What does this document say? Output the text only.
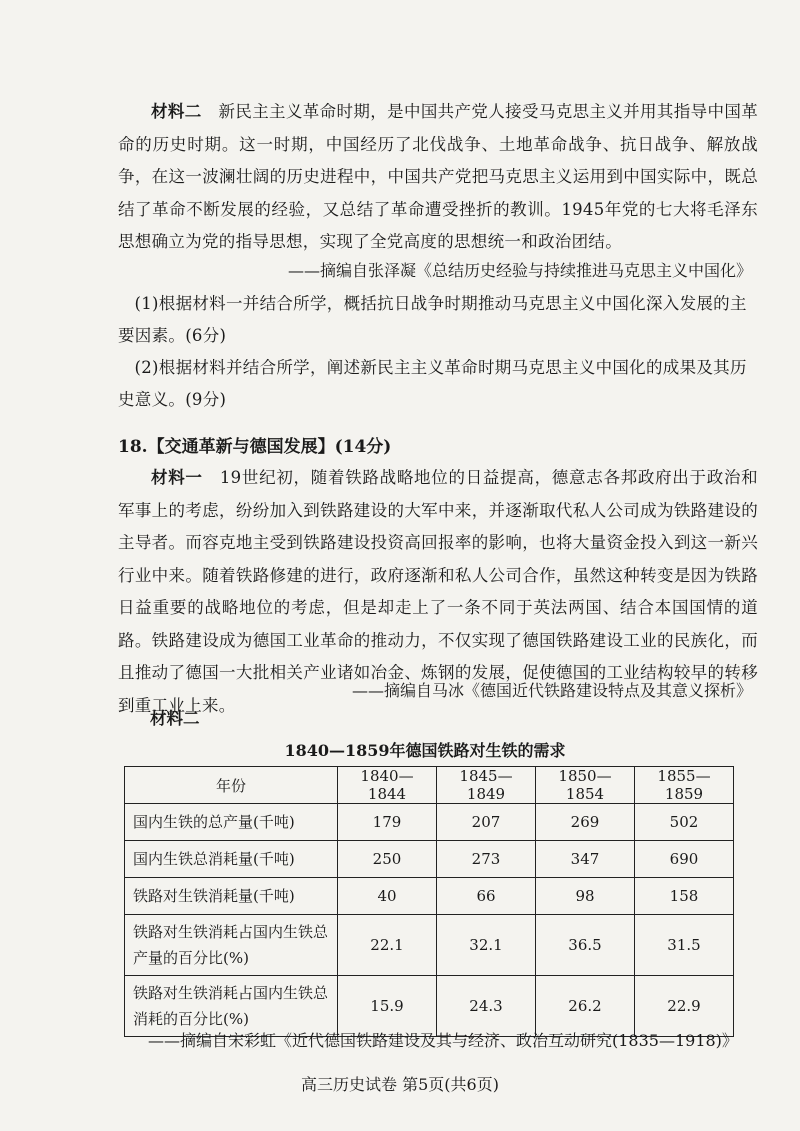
材料二　 新民主主义革命时期，是中国共产党人接受马克思主义并用其指导中国革命的历史时期。这一时期，中国经历了北伐战争、土地革命战争、抗日战争、解放战争，在这一波澜壮阔的历史进程中，中国共产党把马克思主义运用到中国实际中，既总结了革命不断发展的经验，又总结了革命遭受挫折的教训。1945年党的七大将毛泽东思想确立为党的指导思想，实现了全党高度的思想统一和政治团结。
——摘编自张泽凝《总结历史经验与持续推进马克思主义中国化》
(1)根据材料一并结合所学，概括抗日战争时期推动马克思主义中国化深入发展的主要因素。(6分)
(2)根据材料并结合所学，阐述新民主主义革命时期马克思主义中国化的成果及其历史意义。(9分)
18.【交通革新与德国发展】(14分)
材料一　 19世纪初，随着铁路战略地位的日益提高，德意志各邦政府出于政治和军事上的考虑，纷纷加入到铁路建设的大军中来，并逐渐取代私人公司成为铁路建设的主导者。而容克地主受到铁路建设投资高回报率的影响，也将大量资金投入到这一新兴行业中来。随着铁路修建的进行，政府逐渐和私人公司合作，虽然这种转变是因为铁路日益重要的战略地位的考虑，但是却走上了一条不同于英法两国、结合本国国情的道路。铁路建设成为德国工业革命的推动力，不仅实现了德国铁路建设工业的民族化，而且推动了德国一大批相关产业诸如冶金、炼钢的发展，促使德国的工业结构较早的转移到重工业上来。
——摘编自马冰《德国近代铁路建设特点及其意义探析》
材料二
1840—1859年德国铁路对生铁的需求
年份	1840—1844	1845—1849	1850—1854	1855—1859
国内生铁的总产量(千吨)	179	207	269	502
国内生铁总消耗量(千吨)	250	273	347	690
铁路对生铁消耗量(千吨)	40	66	98	158
铁路对生铁消耗占国内生铁总产量的百分比(%)	22.1	32.1	36.5	31.5
铁路对生铁消耗占国内生铁总消耗的百分比(%)	15.9	24.3	26.2	22.9
——摘编自宋彩虹《近代德国铁路建设及其与经济、政治互动研究(1835—1918)》
高三历史试卷 第5页(共6页)
